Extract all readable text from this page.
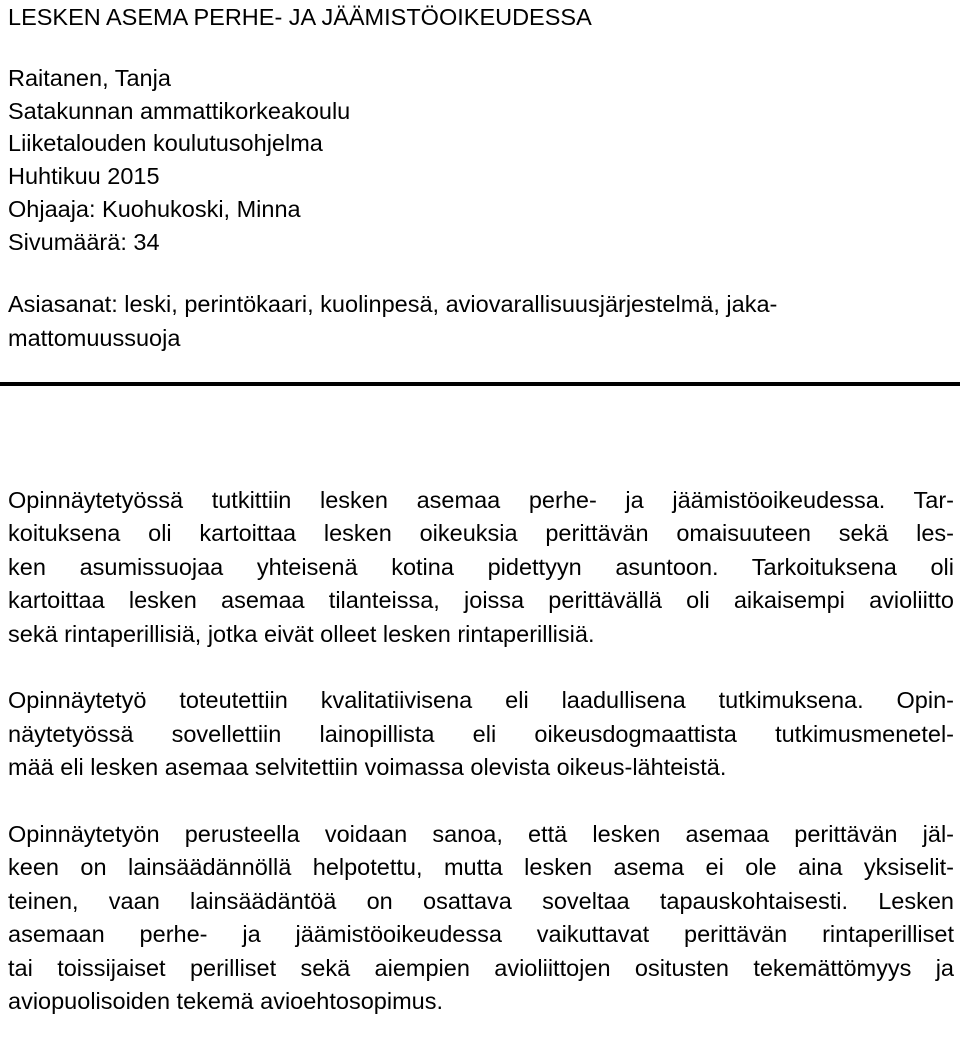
LESKEN ASEMA PERHE- JA JÄÄMISTÖOIKEUDESSA
Raitanen, Tanja
Satakunnan ammattikorkeakoulu
Liiketalouden koulutusohjelma
Huhtikuu 2015
Ohjaaja: Kuohukoski, Minna
Sivumäärä: 34
Asiasanat: leski, perintökaari, kuolinpesä, aviovarallisuusjärjestelmä, jaka-
mattomuussuoja
Opinnäytetyössä tutkittiin lesken asemaa perhe- ja jäämistöoikeudessa. Tar-
koituksena oli kartoittaa lesken oikeuksia perittävän omaisuuteen sekä les-
ken asumissuojaa yhteisenä kotina pidettyyn asuntoon. Tarkoituksena oli
kartoittaa lesken asemaa tilanteissa, joissa perittävällä oli aikaisempi avioliitto
sekä rintaperillisiä, jotka eivät olleet lesken rintaperillisiä.
Opinnäytetyö toteutettiin kvalitatiivisena eli laadullisena tutkimuksena. Opin-
näytetyössä sovellettiin lainopillista eli oikeusdogmaattista tutkimusmenetel-
mää eli lesken asemaa selvitettiin voimassa olevista oikeus-lähteistä.
Opinnäytetyön perusteella voidaan sanoa, että lesken asemaa perittävän jäl-
keen on lainsäädännöllä helpotettu, mutta lesken asema ei ole aina yksiselit-
teinen, vaan lainsäädäntöä on osattava soveltaa tapauskohtaisesti. Lesken
asemaan perhe- ja jäämistöoikeudessa vaikuttavat perittävän rintaperilliset
tai toissijaiset perilliset sekä aiempien avioliittojen ositusten tekemättömyys ja
aviopuolisoiden tekemä avioehtosopimus.
